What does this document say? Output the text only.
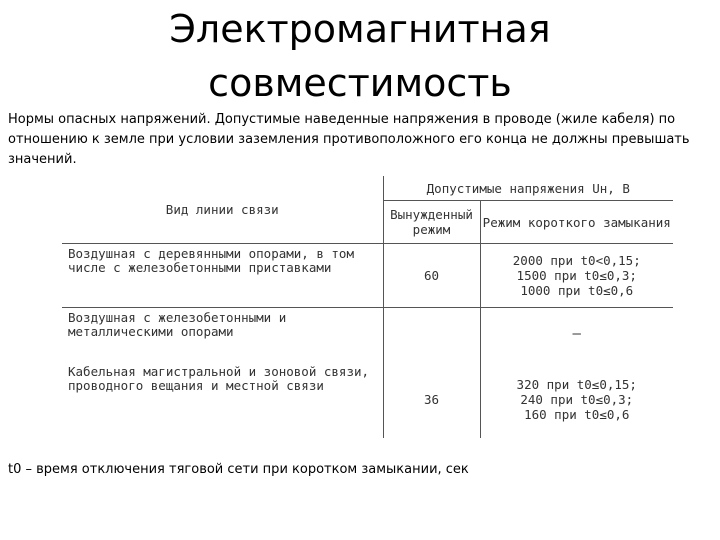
Электромагнитная
совместимость
Нормы опасных напряжений. Допустимые наведенные напряжения в проводе (жиле кабеля) по отношению к земле при условии заземления противоположного его конца не должны превышать значений.
Вид линии связи	Допустимые напряжения Uн, В	
	Вынужденный режим	Режим короткого замыкания
Воздушная с деревянными опорами, в том числе с железобетонными приставками	60	2000 при t0<0,15;
1500 при t0≤0,3;
1000 при t0≤0,6

Воздушная с железобетонными и металлическими опорами		—

Кабельная магистральной и зоновой связи, проводного вещания и местной связи	36	320 при t0≤0,15;
240 при t0≤0,3;
160 при t0≤0,6
t0 – время отключения тяговой сети при коротком замыкании, сек
